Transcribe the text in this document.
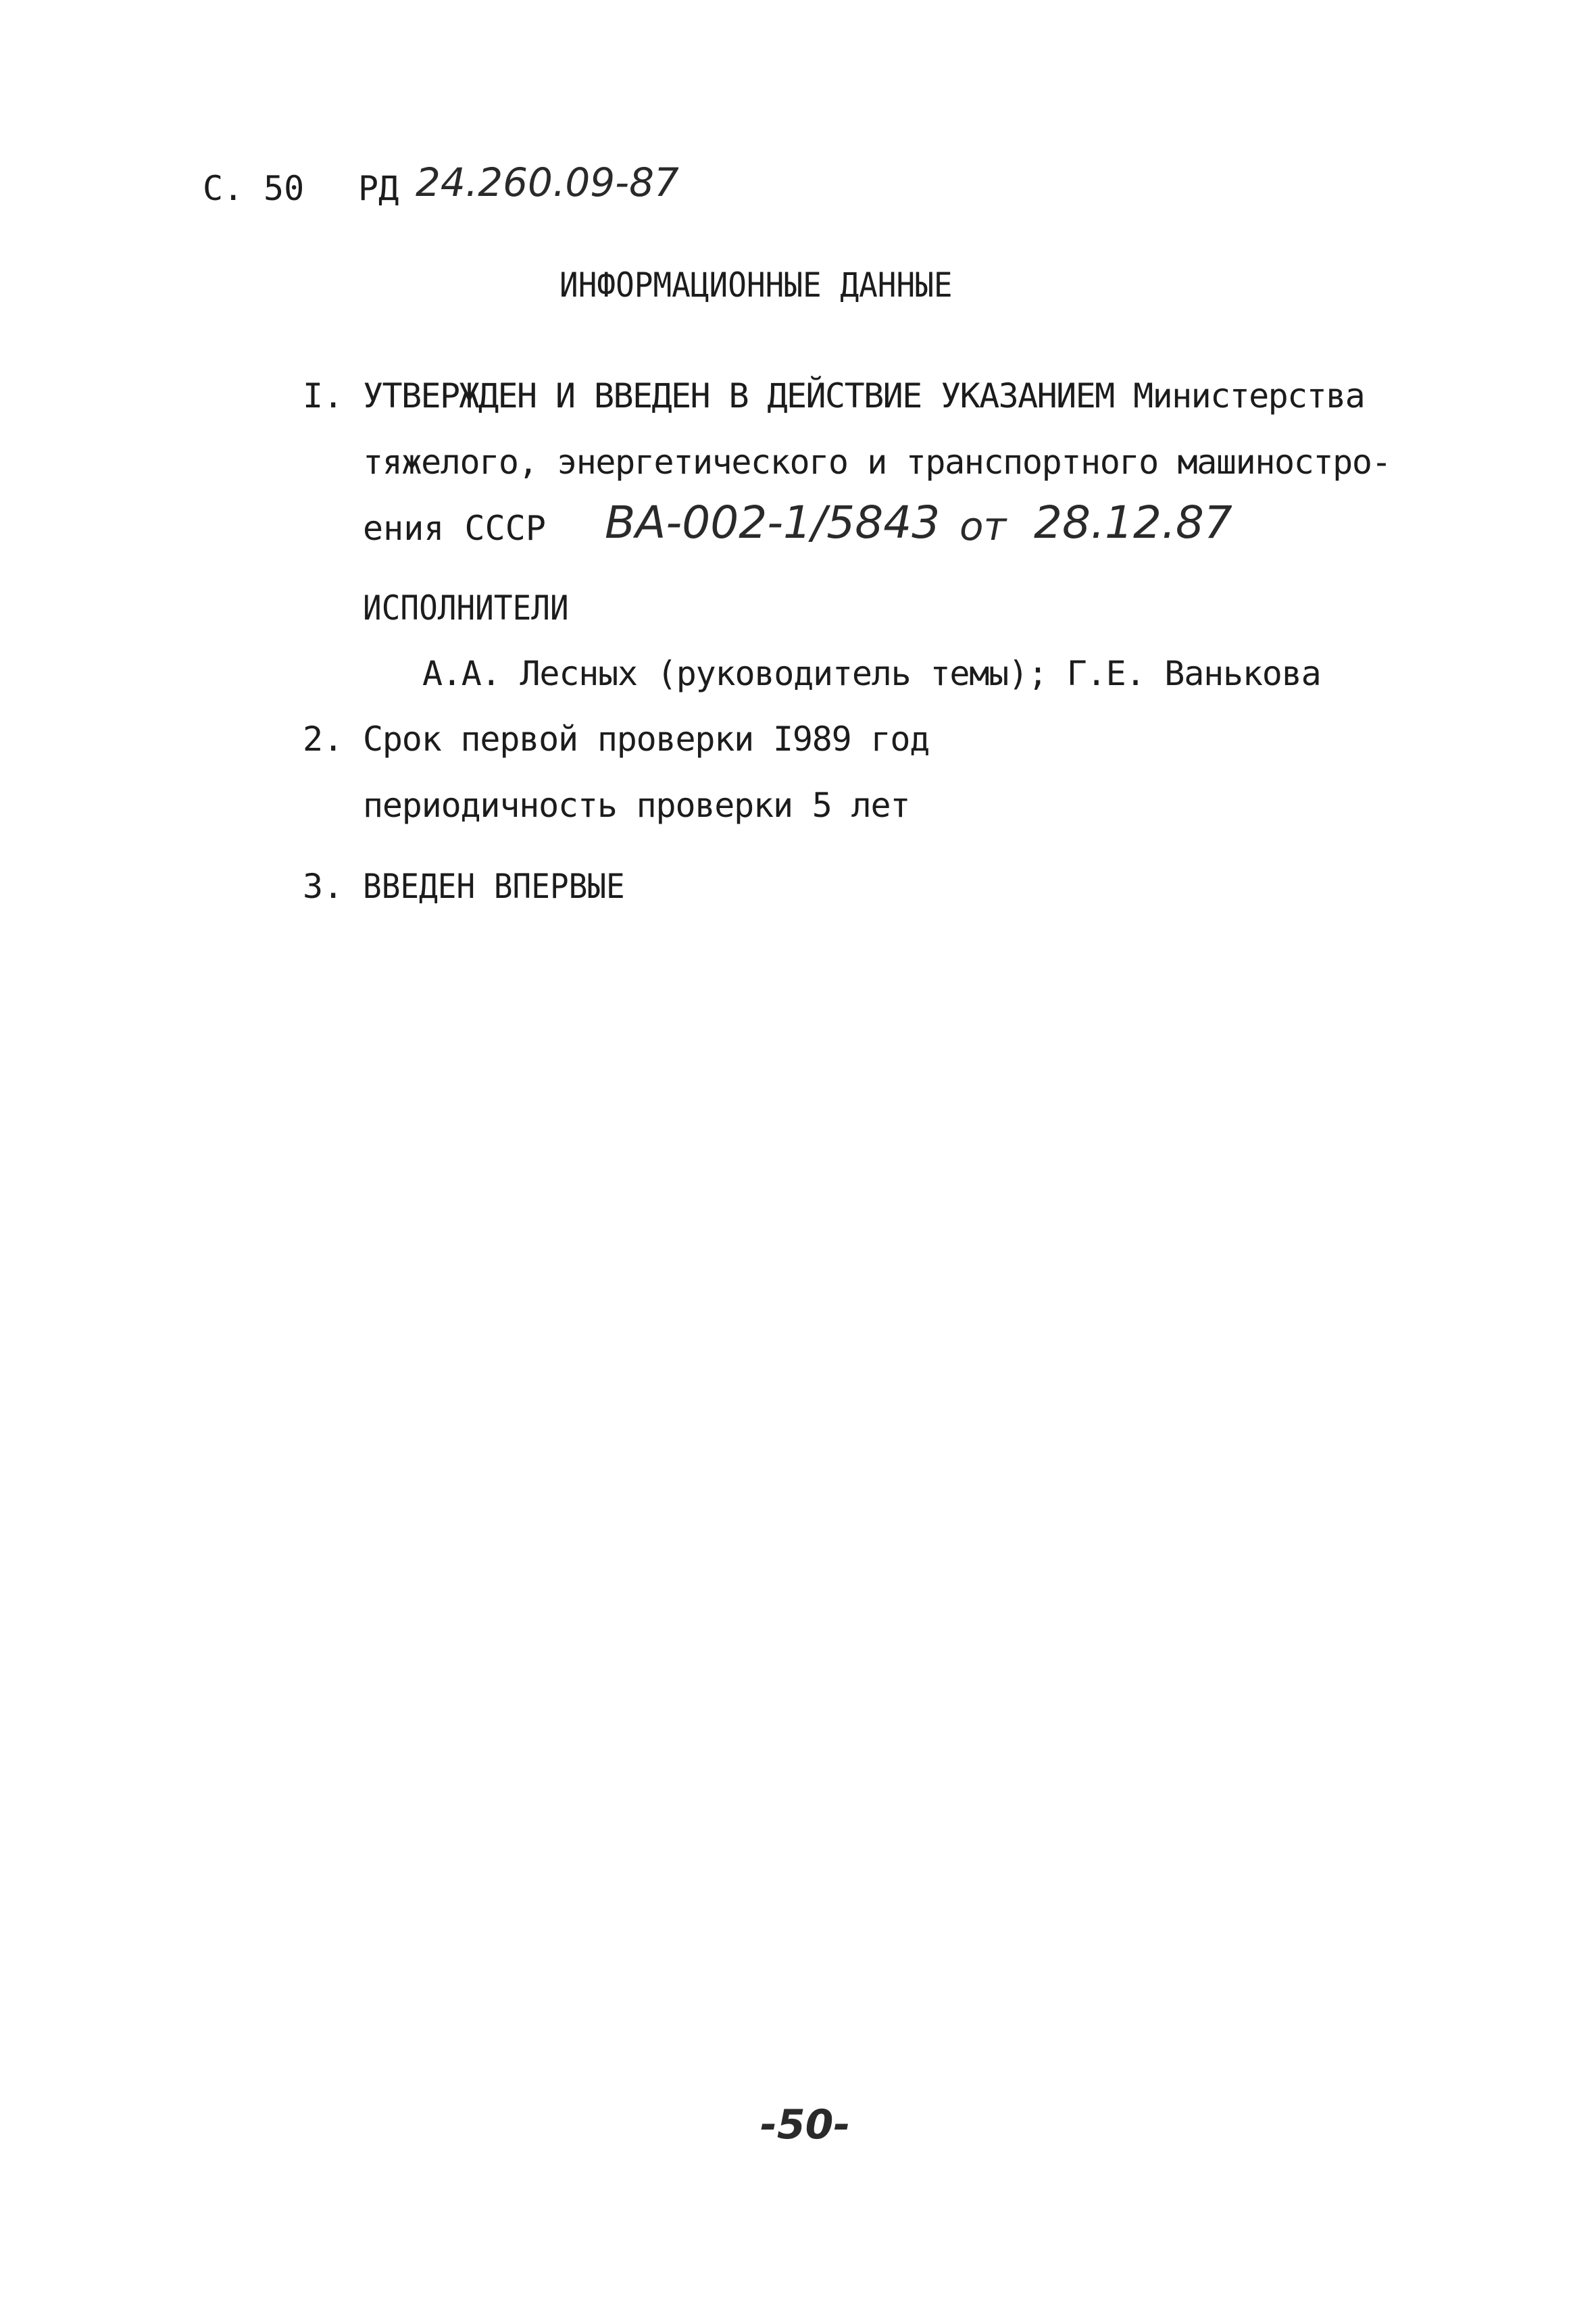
С. 50 РД 24.260.09-87
ИНФОРМАЦИОННЫЕ ДАННЫЕ
I. УТВЕРЖДЕН И ВВЕДЕН В ДЕЙСТВИЕ УКАЗАНИЕМ Министерства
тяжелого, энергетического и транспортного машиностро-
ения СССР ВА-002-1/5843 от 28.12.87
ИСПОЛНИТЕЛИ
А.А. Лесных (руководитель темы); Г.Е. Ванькова
2. Срок первой проверки I989 год
периодичность проверки 5 лет
3. ВВЕДЕН ВПЕРВЫЕ
-50-
